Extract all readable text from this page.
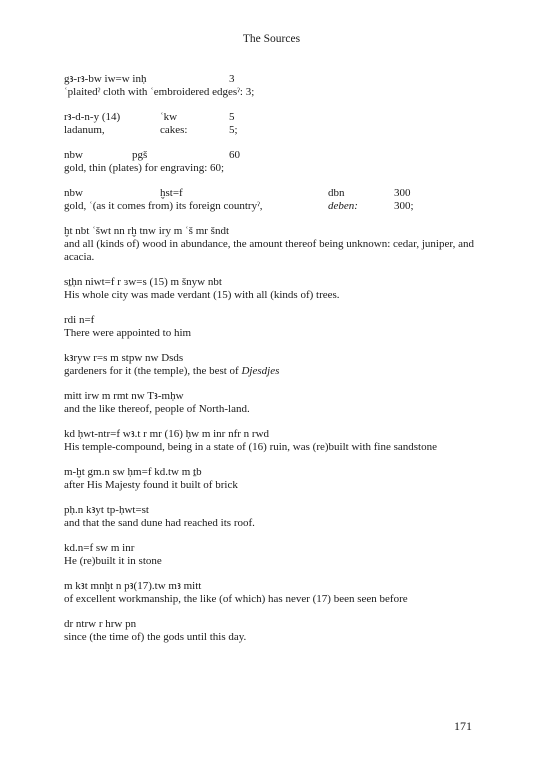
The Sources
gꜣ-rꜣ-bw iw=w inḥ	3
ʿplaitedˀ cloth with ʿembroidered edgesˀ: 3;
rꜣ-d-n-y (14)	ʿkw	5
ladanum,	cakes:	5;
nbw	pgš	60
gold, thin (plates) for engraving: 60;
nbw	ḫst=f	dbn	300
gold, ʿ(as it comes from) its foreign countryˀ,	deben:	300;
ḫt nbt ʿšwt nn rḫ tnw iry m ʿš mr šndt
and all (kinds of) wood in abundance, the amount thereof being unknown: cedar, juniper, and acacia.
sṯḥn niwt=f r ɜw=s (15) m šnyw nbt
His whole city was made verdant (15) with all (kinds of) trees.
rdi n=f
There were appointed to him
kꜣryw r=s m stpw nw Dsds
gardeners for it (the temple), the best of Djesdjes
mitt irw m rmt nw Tꜣ-mḥw
and the like thereof, people of North-land.
kd ḥwt-ntr=f wꜣ.t r mr (16) ḥw m inr nfr n rwd
His temple-compound, being in a state of (16) ruin, was (re)built with fine sandstone
m-ḫt gm.n sw ḥm=f kd.tw m ṯb
after His Majesty found it built of brick
pḥ.n kꜣyt tp-ḥwt=st
and that the sand dune had reached its roof.
kd.n=f sw m inr
He (re)built it in stone
m kꜣt mnḫt n pꜣ(17).tw mꜣ mitt
of excellent workmanship, the like (of which) has never (17) been seen before
dr ntrw r hrw pn
since (the time of) the gods until this day.
171
